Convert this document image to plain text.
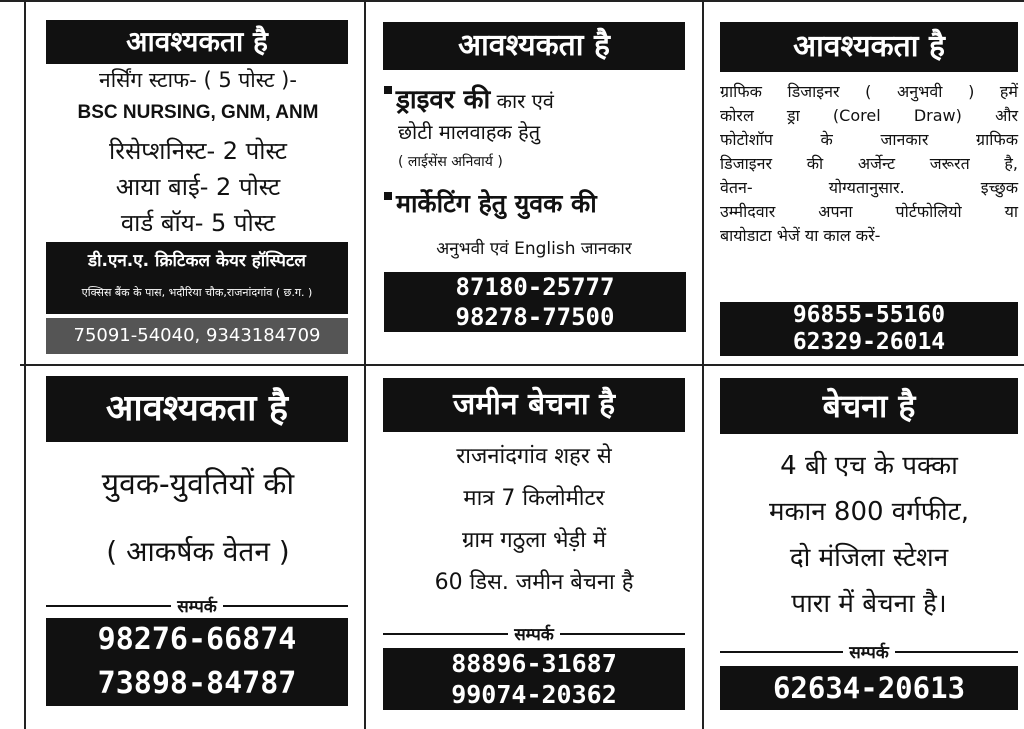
आवश्यकता है
नर्सिंग स्टाफ- ( 5 पोस्ट )-
BSC NURSING, GNM, ANM
रिसेप्शनिस्ट- 2 पोस्ट
आया बाई- 2 पोस्ट
वार्ड बॉय- 5 पोस्ट
डी.एन.ए. क्रिटिकल केयर हॉस्पिटल
एक्सिस बैंक के पास, भदौरिया चौक,राजनांदगांव ( छ.ग. )
75091-54040, 9343184709
आवश्यकता है
ड्राइवर की कार एवं
छोटी मालवाहक हेतु
( लाईसेंस अनिवार्य )
मार्केटिंग हेतु युवक की
अनुभवी एवं English जानकार
87180-25777
98278-77500
आवश्यकता है
ग्राफिक डिजाइनर ( अनुभवी ) हमें
कोरल ड्रा (Corel Draw) और
फोटोशॉप के जानकार ग्राफिक
डिजाइनर की अर्जेन्ट जरूरत है,
वेतन- योग्यतानुसार. इच्छुक
उम्मीदवार अपना पोर्टफोलियो या
बायोडाटा भेजें या काल करें-
96855-55160
62329-26014
आवश्यकता है
युवक-युवतियों की
( आकर्षक वेतन )
सम्पर्क
98276-66874
73898-84787
जमीन बेचना है
राजनांदगांव शहर से
मात्र 7 किलोमीटर
ग्राम गठुला भेड़ी में
60 डिस. जमीन बेचना है
सम्पर्क
88896-31687
99074-20362
बेचना है
4 बी एच के पक्का
मकान 800 वर्गफीट,
दो मंजिला स्टेशन
पारा में बेचना है।
सम्पर्क
62634-20613
